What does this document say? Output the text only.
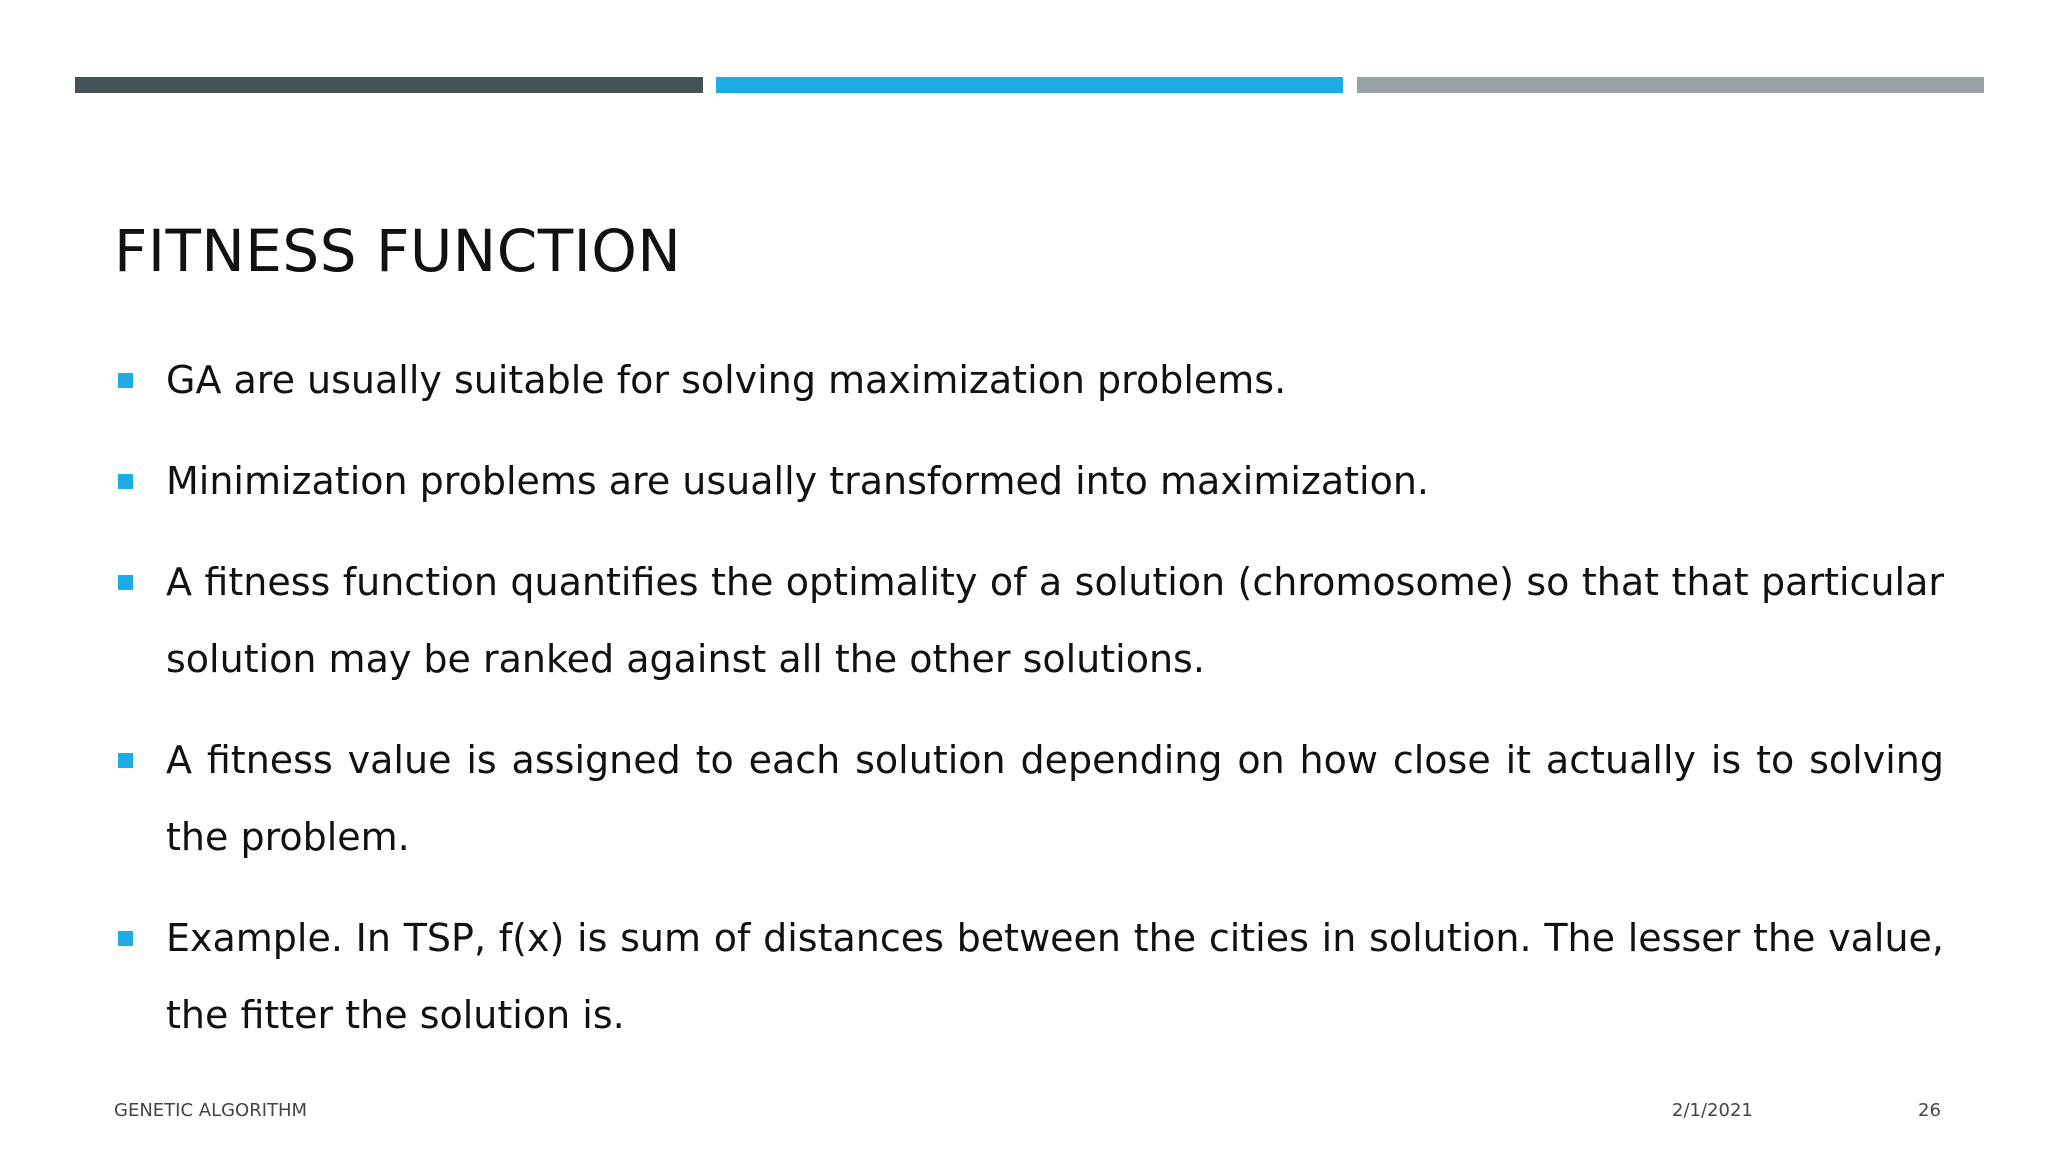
FITNESS FUNCTION
GA are usually suitable for solving maximization problems.
Minimization problems are usually transformed into maximization.
A fitness function quantifies the optimality of a solution (chromosome) so that that particular solution may be ranked against all the other solutions.
A fitness value is assigned to each solution depending on how close it actually is to solving the problem.
Example. In TSP, f(x) is sum of distances between the cities in solution. The lesser the value, the fitter the solution is.
GENETIC ALGORITHM	2/1/2021	26
